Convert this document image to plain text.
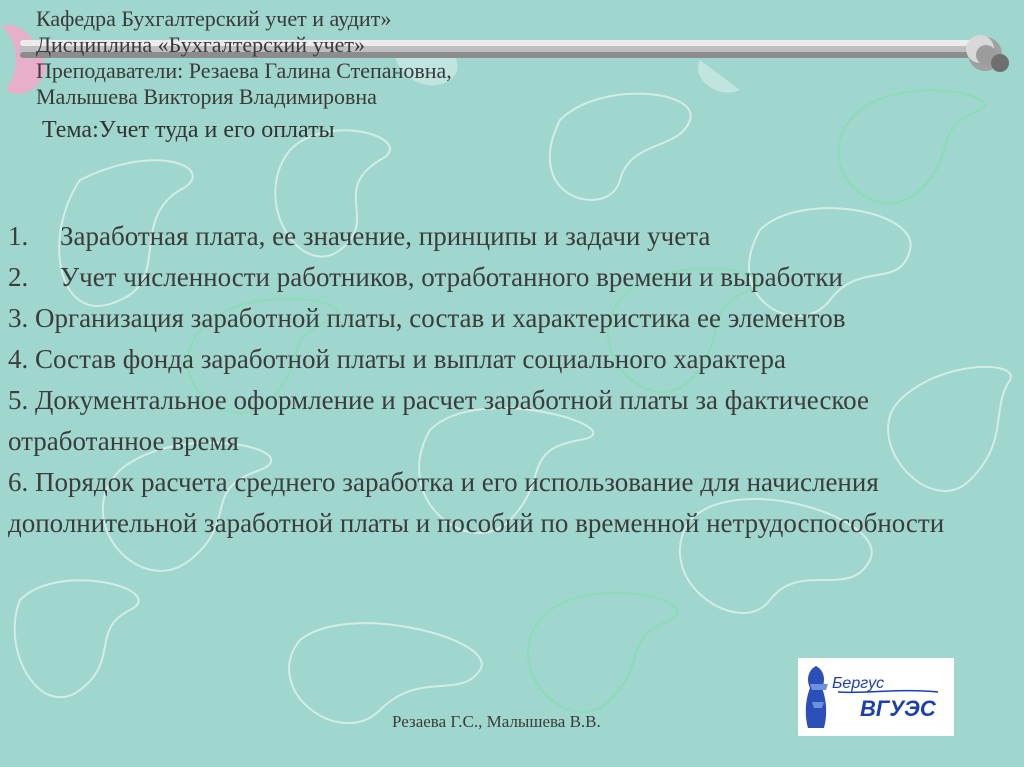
Кафедра Бухгалтерский учет и аудит»
Дисциплина «Бухгалтерский учет»
Преподаватели: Резаева Галина Степановна,
Малышева Виктория Владимировна
Тема:Учет туда и его оплаты
1. Заработная плата, ее значение, принципы и задачи учета
2. Учет численности работников, отработанного времени и выработки
3. Организация заработной платы, состав и характеристика ее элементов
4. Состав фонда заработной платы и выплат социального характера
5. Документальное оформление и расчет заработной платы за фактическое отработанное время
6. Порядок расчета среднего заработка и его использование для начисления дополнительной заработной платы и пособий по временной нетрудоспособности
Резаева Г.С., Малышева В.В.
Бергус
ВГУЭС
